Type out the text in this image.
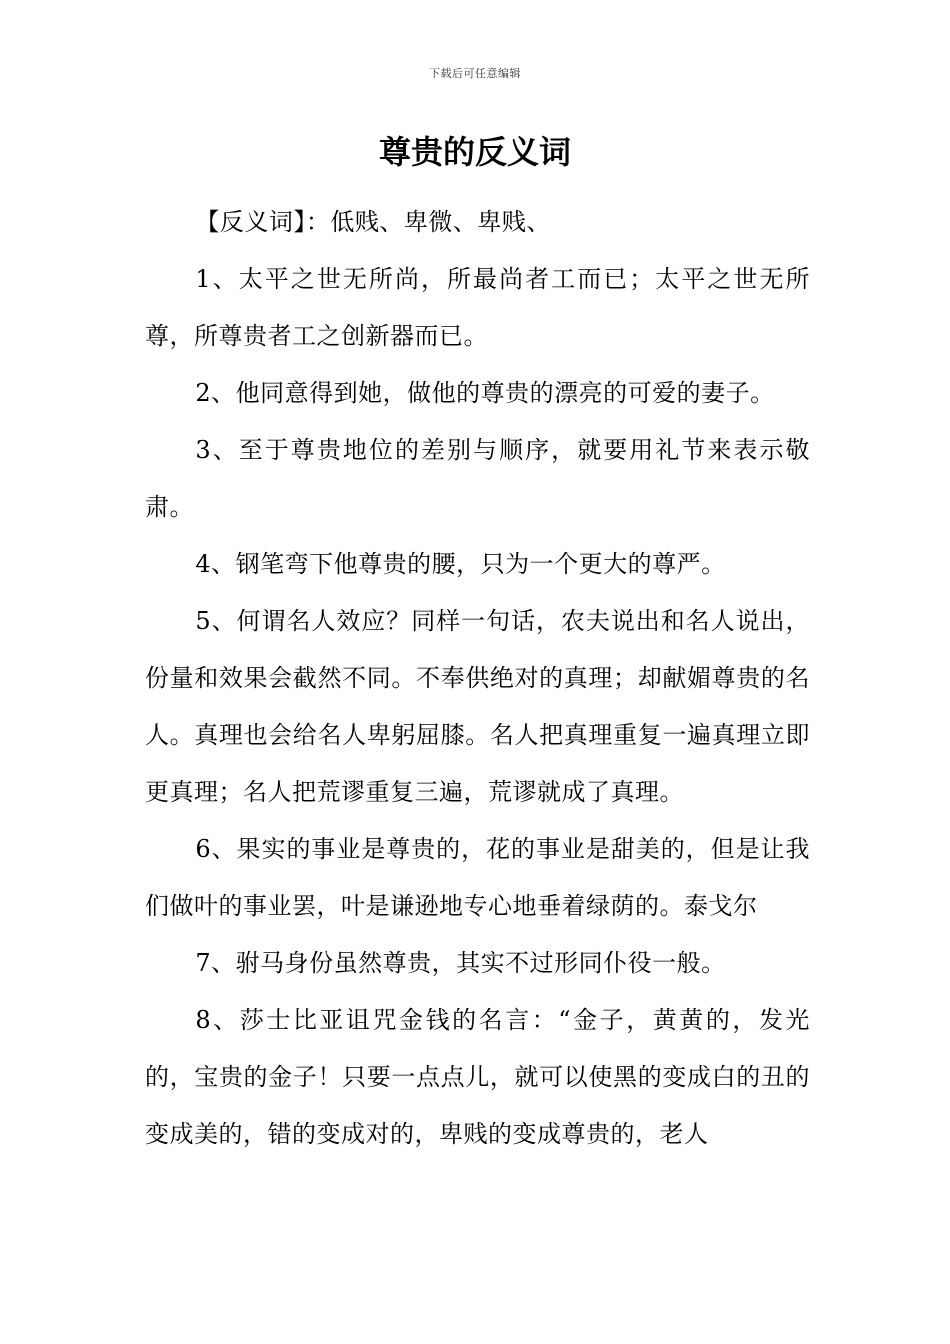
下载后可任意编辑
尊贵的反义词

【反义词】：低贱、卑微、卑贱、

1、太平之世无所尚，所最尚者工而已；太平之世无所尊，所尊贵者工之创新器而已。

2、他同意得到她，做他的尊贵的漂亮的可爱的妻子。

3、至于尊贵地位的差别与顺序，就要用礼节来表示敬肃。

4、钢笔弯下他尊贵的腰，只为一个更大的尊严。

5、何谓名人效应？同样一句话，农夫说出和名人说出，份量和效果会截然不同。不奉供绝对的真理；却献媚尊贵的名人。真理也会给名人卑躬屈膝。名人把真理重复一遍真理立即更真理；名人把荒谬重复三遍，荒谬就成了真理。

6、果实的事业是尊贵的，花的事业是甜美的，但是让我们做叶的事业罢，叶是谦逊地专心地垂着绿荫的。泰戈尔

7、驸马身份虽然尊贵，其实不过形同仆役一般。

8、莎士比亚诅咒金钱的名言：“金子，黄黄的，发光的，宝贵的金子！只要一点点儿，就可以使黑的变成白的丑的变成美的，错的变成对的，卑贱的变成尊贵的，老人
